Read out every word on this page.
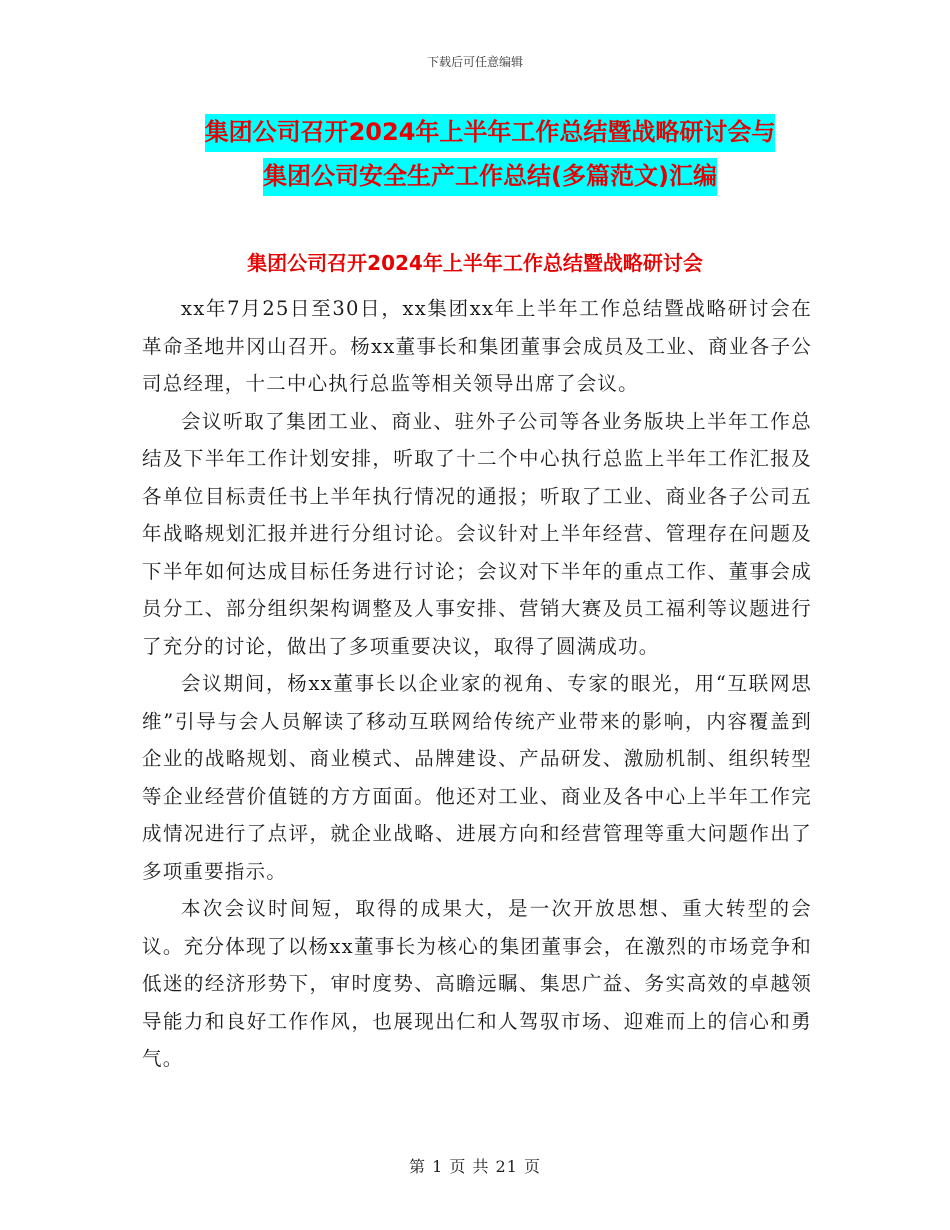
下载后可任意编辑
集团公司召开2024年上半年工作总结暨战略研讨会与
集团公司安全生产工作总结(多篇范文)汇编
集团公司召开2024年上半年工作总结暨战略研讨会

xx年7月25日至30日，xx集团xx年上半年工作总结暨战略研讨会在革命圣地井冈山召开。杨xx董事长和集团董事会成员及工业、商业各子公司总经理，十二中心执行总监等相关领导出席了会议。

会议听取了集团工业、商业、驻外子公司等各业务版块上半年工作总结及下半年工作计划安排，听取了十二个中心执行总监上半年工作汇报及各单位目标责任书上半年执行情况的通报；听取了工业、商业各子公司五年战略规划汇报并进行分组讨论。会议针对上半年经营、管理存在问题及下半年如何达成目标任务进行讨论；会议对下半年的重点工作、董事会成员分工、部分组织架构调整及人事安排、营销大赛及员工福利等议题进行了充分的讨论，做出了多项重要决议，取得了圆满成功。

会议期间，杨xx董事长以企业家的视角、专家的眼光，用“互联网思维”引导与会人员解读了移动互联网给传统产业带来的影响，内容覆盖到企业的战略规划、商业模式、品牌建设、产品研发、激励机制、组织转型等企业经营价值链的方方面面。他还对工业、商业及各中心上半年工作完成情况进行了点评，就企业战略、进展方向和经营管理等重大问题作出了多项重要指示。

本次会议时间短，取得的成果大，是一次开放思想、重大转型的会议。充分体现了以杨xx董事长为核心的集团董事会，在激烈的市场竞争和低迷的经济形势下，审时度势、高瞻远瞩、集思广益、务实高效的卓越领导能力和良好工作作风，也展现出仁和人驾驭市场、迎难而上的信心和勇气。

第 1 页 共 21 页
